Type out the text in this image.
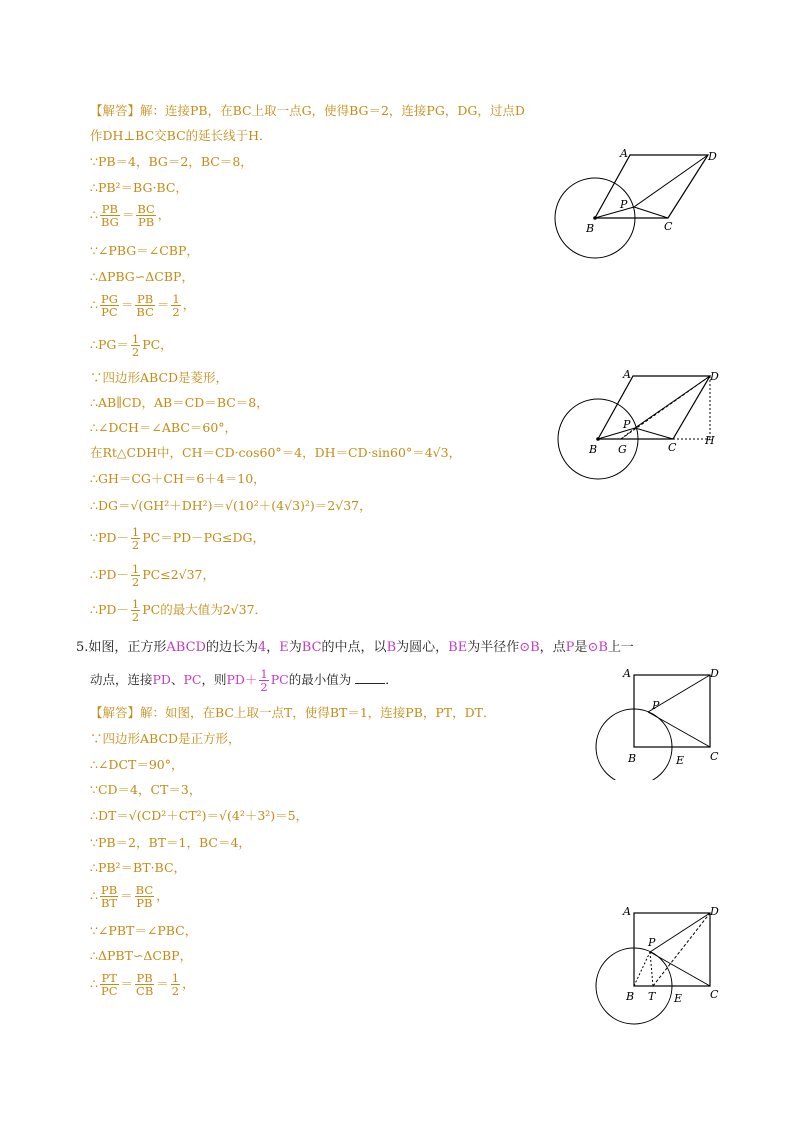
【解答】解：连接PB，在BC上取一点G，使得BG＝2，连接PG，DG，过点D
作DH⊥BC交BC的延长线于H．
∵PB＝4，BG＝2，BC＝8，
∴PB²＝BG·BC，
∴ $\frac{PB}{BG} = \frac{BC}{PB}$ ，
∵∠PBG＝∠CBP，
∴ΔPBG∽ΔCBP，
∴ $\frac{PG}{PC} = \frac{PB}{BC} = \frac{1}{2}$ ，
∴PG＝ $\frac{1}{2}$ PC，
∵四边形ABCD是菱形，
∴AB∥CD，AB＝CD＝BC＝8，
∴∠DCH＝∠ABC＝60°，
在Rt△CDH中，CH＝CD·cos60°＝4，DH＝CD·sin60°＝4√3，
∴GH＝CG＋CH＝6＋4＝10，
∴DG＝√(GH²＋DH²)＝√(10²＋(4√3)²)＝2√37，
∵PD－ $\frac{1}{2} PC=PD-PG\le DG$，
∴PD－ $\frac{1}{2} PC\le 2√37$，
∴PD－ $\frac{1}{2}$ PC的最大值为2√37．
5.如图，正方形ABCD的边长为4，E为BC的中点，以B为圆心，BE为半径作⊙B，点P是⊙B上一
动点，连接PD、PC，则$PD+ \frac{1}{2}$ PC的最小值为	．
【解答】解：如图，在BC上取一点T，使得BT＝1，连接PB，PT，DT．
∵四边形ABCD是正方形，
∴∠DCT＝90°，
∵CD＝4，CT＝3，
∴DT＝√(CD²＋CT²)＝√(4²＋3²)＝5，
∵PB＝2，BT＝1，BC＝4，
∴PB²＝BT·BC，
∴ $\frac{PB}{BT} = \frac{BC}{PB}$ ，
∵∠PBT＝∠PBC，
∴ΔPBT∽ΔCBP，
∴ $\frac{PT}{PC} = \frac{PB}{CB} = \frac{1}{2}$ ，
A	D
P
B	C
A	D
P
B G	C
H
A	D
P
B	E C
A	D
P
B T E	C
